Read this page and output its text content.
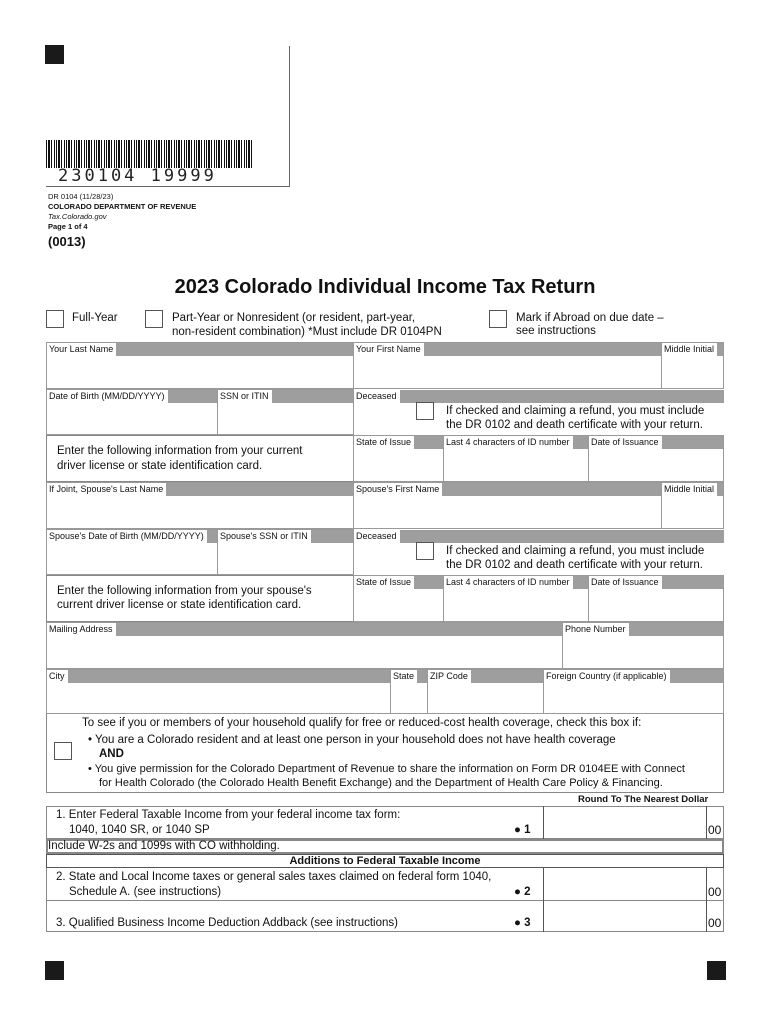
230104 19999
DR 0104 (11/28/23)
COLORADO DEPARTMENT OF REVENUE
Tax.Colorado.gov
Page 1 of 4
(0013)
2023 Colorado Individual Income Tax Return
Full-Year	Part-Year or Nonresident (or resident, part-year,
non-resident combination) *Must include DR 0104PN
Mark if Abroad on due date –
see instructions
Your Last Name	Your First Name	Middle Initial
Date of Birth (MM/DD/YYYY)	SSN or ITIN	Deceased
If checked and claiming a refund, you must include
the DR 0102 and death certificate with your return.
Enter the following information from your current
driver license or state identification card.
State of Issue	Last 4 characters of ID number	Date of Issuance
If Joint, Spouse's Last Name	Spouse's First Name	Middle Initial
Spouse's Date of Birth (MM/DD/YYYY)	Spouse's SSN or ITIN	Deceased
If checked and claiming a refund, you must include
the DR 0102 and death certificate with your return.
Enter the following information from your spouse's
current driver license or state identification card.
State of Issue	Last 4 characters of ID number	Date of Issuance
Mailing Address	Phone Number
City	State	ZIP Code	Foreign Country (if applicable)
To see if you or members of your household qualify for free or reduced-cost health coverage, check this box if:
• You are a Colorado resident and at least one person in your household does not have health coverage
AND
• You give permission for the Colorado Department of Revenue to share the information on Form DR 0104EE with Connect
for Health Colorado (the Colorado Health Benefit Exchange) and the Department of Health Care Policy & Financing.
Round To The Nearest Dollar
1. Enter Federal Taxable Income from your federal income tax form:
1040, 1040 SR, or 1040 SP	● 1	00
Include W-2s and 1099s with CO withholding.
Additions to Federal Taxable Income
2. State and Local Income taxes or general sales taxes claimed on federal form 1040,
Schedule A. (see instructions)	● 2	00
3. Qualified Business Income Deduction Addback (see instructions)	● 3	00
